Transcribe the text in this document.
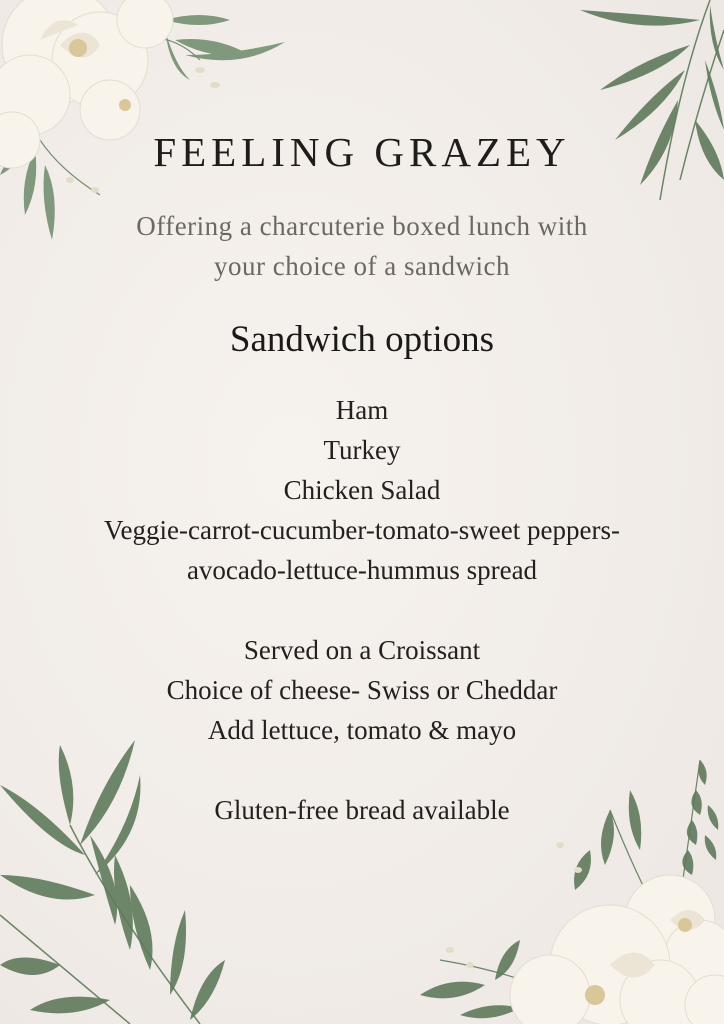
FEELING GRAZEY
Offering a charcuterie boxed lunch with
your choice of a sandwich
Sandwich options
Ham
Turkey
Chicken Salad
Veggie-carrot-cucumber-tomato-sweet peppers-
avocado-lettuce-hummus spread
Served on a Croissant
Choice of cheese- Swiss or Cheddar
Add lettuce, tomato & mayo
Gluten-free bread available
